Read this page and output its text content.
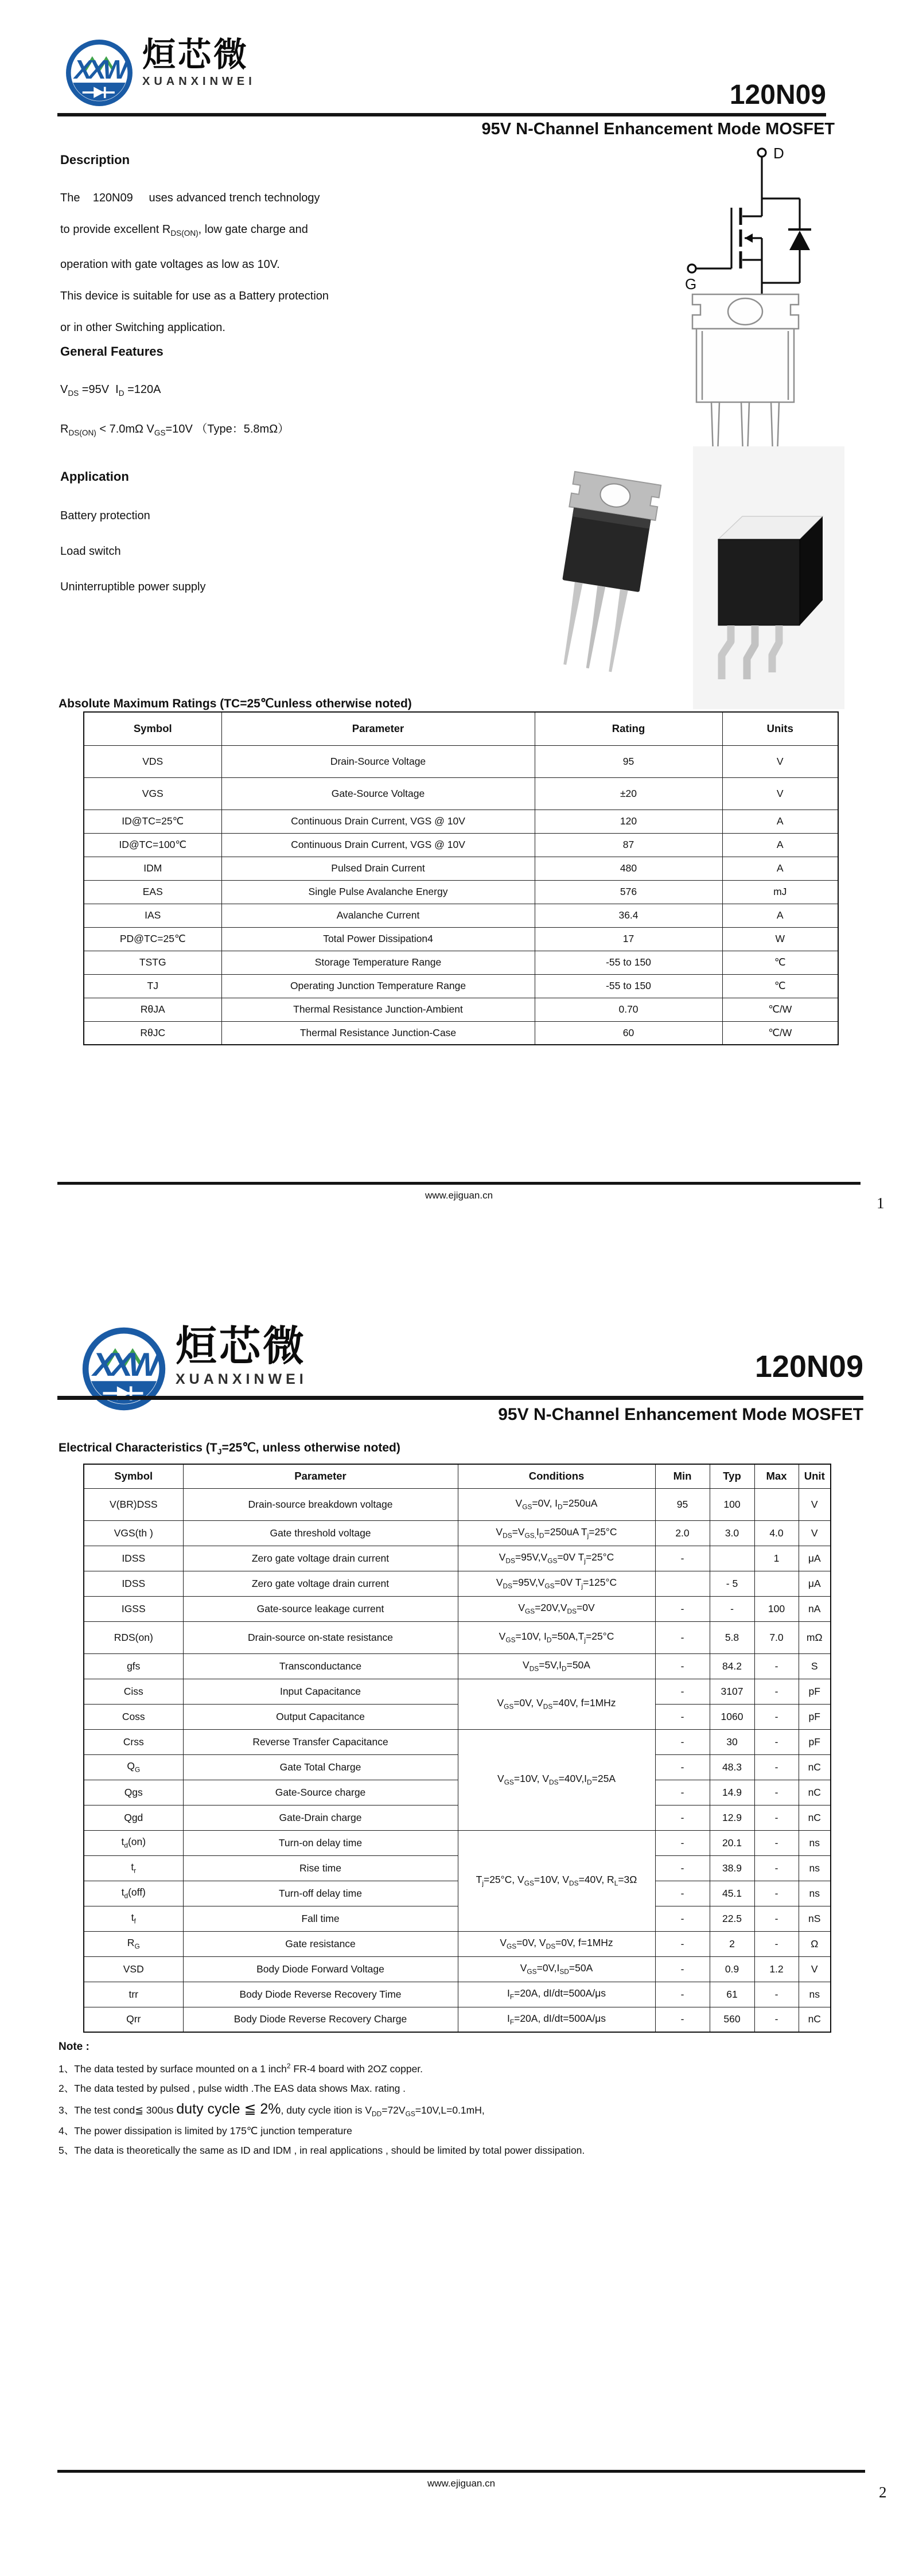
XXW 烜芯微
XUANXINWEI	120N09
95V N-Channel Enhancement Mode MOSFET
Description

The    120N09     uses advanced trench technology

to provide excellent $R_{DS(ON)}$, low gate charge and

operation with gate voltages as low as 10V.

This device is suitable for use as a Battery protection

or in other Switching application.

General Features

$V_{DS} =95V$  $I_D =120A$

$R_{DS(ON)} < 7.0m\Omega$ $V_{GS}=10V$ （Type：5.8mΩ）

Application

Battery protection

Load switch

Uninterruptible power supply

D
G
Absolute Maximum Ratings (TC=25℃unless otherwise noted)
Symbol	Parameter	Rating	Units
VDS	Drain-Source Voltage	95	V
VGS	Gate-Source Voltage	±20	V
ID@TC=25℃	Continuous Drain Current, VGS @ 10V	120	A
ID@TC=100℃	Continuous Drain Current, VGS @ 10V	87	A
IDM	Pulsed Drain Current	480	A
EAS	Single Pulse Avalanche Energy	576	mJ
IAS	Avalanche Current	36.4	A
PD@TC=25℃	Total Power Dissipation4	17	W
TSTG	Storage Temperature Range	-55 to 150	℃
TJ	Operating Junction Temperature Range	-55 to 150	℃
RθJA	Thermal Resistance Junction-Ambient	0.70	℃/W
RθJC	Thermal Resistance Junction-Case	60	℃/W
www.ejiguan.cn	1
XXW 烜芯微
XUANXINWEI	120N09
95V N-Channel Enhancement Mode MOSFET
Electrical Characteristics ($T_J=25℃$, unless otherwise noted)
Symbol	Parameter	Conditions	Min	Typ	Max	Unit
V(BR)DSS	Drain-source breakdown voltage	$V_{GS}=0V$, $I_D=250uA$	95	100		V
VGS(th )	Gate threshold voltage	$V_{DS}=V_{GS,}I_D=250uA$ $T_j=25^\circ C$	2.0	3.0	4.0	V
IDSS	Zero gate voltage drain current	$V_{DS}=95V,V_{GS}=0V$ $T_j=25^\circ C$	-		1	μA
IDSS	Zero gate voltage drain current	$V_{DS}=95V,V_{GS}=0V$ $T_j=125^\circ C$		- 5		μA
IGSS	Gate-source leakage current	$V_{GS}=20V,V_{DS}=0V$	-	-	100	nA
RDS(on)	Drain-source on-state resistance	$V_{GS}=10V$, $I_D=50A,T_j=25^\circ C$	-	5.8	7.0	mΩ
gfs	Transconductance	$V_{DS}=5V,I_D=50A$	-	84.2	-	S
Ciss	Input Capacitance	$V_{GS}=0V$, $V_{DS}=40V$, f=1MHz	-	3107	-	pF
Coss	Output Capacitance		-	1060	-	pF
Crss	Reverse Transfer Capacitance	$V_{GS}=10V$, $V_{DS}=40V,I_D=25A$	-	30	-	pF
$Q_G$	Gate Total Charge		-	48.3	-	nC
Qgs	Gate-Source charge		-	14.9	-	nC
Qgd	Gate-Drain charge		-	12.9	-	nC
$t_d(on)$	Turn-on delay time	$T_j=25^\circ C$, $V_{GS}=10V$, $V_{DS}=40V$, $R_L=3\Omega$	-	20.1	-	ns
$t_r$	Rise time		-	38.9	-	ns
$t_d(off)$	Turn-off delay time		-	45.1	-	ns
$t_f$	Fall time		-	22.5	-	nS
$R_G$	Gate resistance	$V_{GS}=0V$, $V_{DS}=0V$, f=1MHz	-	2	-	Ω
VSD	Body Diode Forward Voltage	$V_{GS}=0V,I_{SD}=50A$	-	0.9	1.2	V
trr	Body Diode Reverse Recovery Time	$I_F=20A$, dI/dt=500A/μs	-	61	-	ns
Qrr	Body Diode Reverse Recovery Charge	$I_F=20A$, dI/dt=500A/μs	-	560	-	nC
Note :

1、The data tested by surface mounted on a 1 inch$^2$ FR-4 board with 2OZ copper.

2、The data tested by pulsed , pulse width .The EAS data shows Max. rating .

3、The test cond≦ 300us duty cycle ≦ 2%, duty cycle ition is $V_{DD}=72V_{GS}=10V,L=0.1mH$,

4、The power dissipation is limited by 175℃ junction temperature

5、The data is theoretically the same as ID and IDM , in real applications , should be limited by total power dissipation.

www.ejiguan.cn
2
